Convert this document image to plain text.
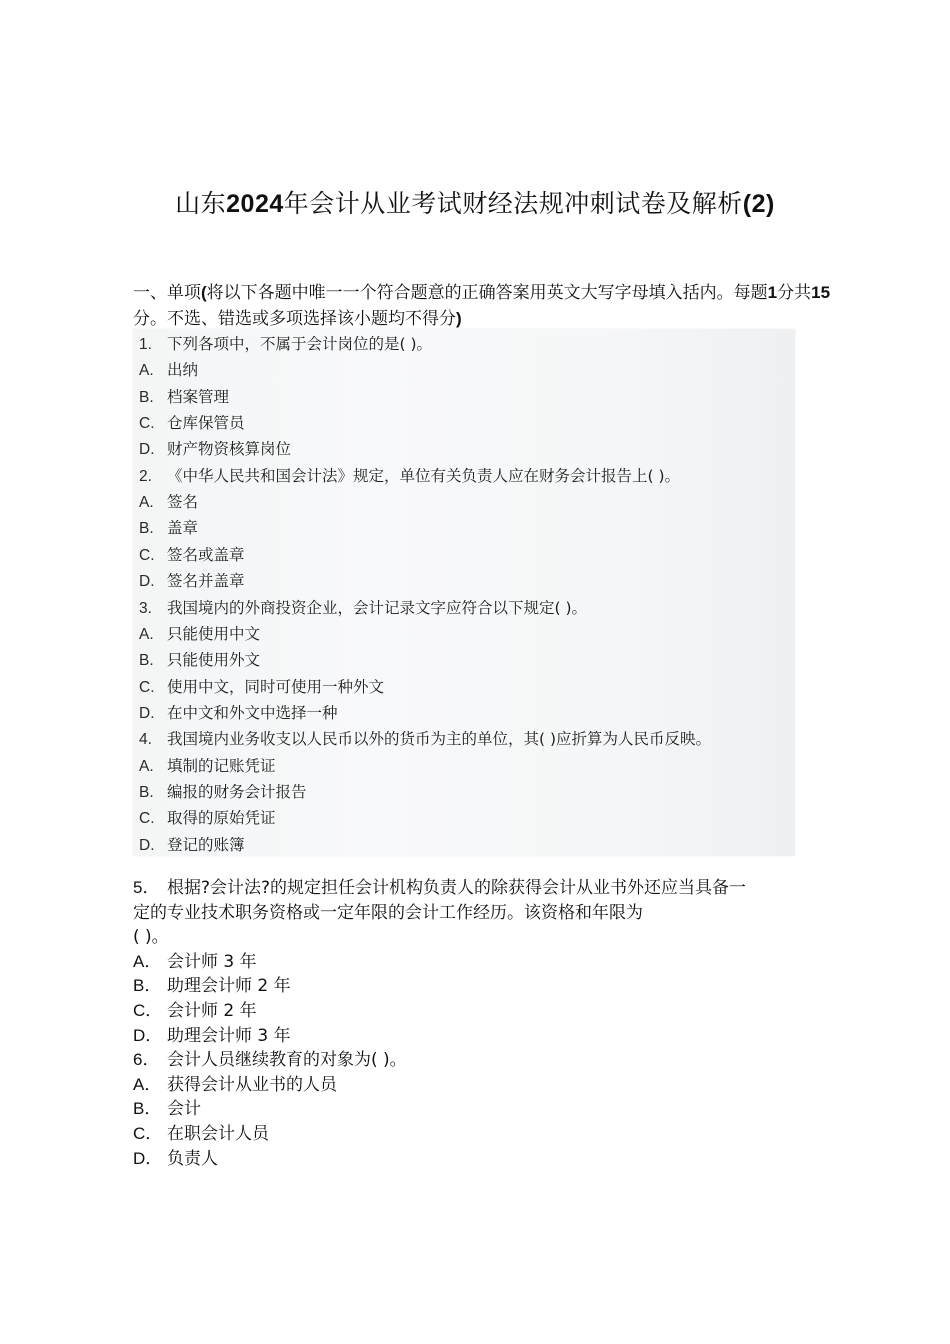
山东2024年会计从业考试财经法规冲刺试卷及解析(2)
一、单项(将以下各题中唯一一个符合题意的正确答案用英文大写字母填入括内。每题1分共15分。不选、错选或多项选择该小题均不得分)
1. 下列各项中，不属于会计岗位的是( )。
A. 出纳
B. 档案管理
C. 仓库保管员
D. 财产物资核算岗位
2. 《中华人民共和国会计法》规定，单位有关负责人应在财务会计报告上( )。
A. 签名
B. 盖章
C. 签名或盖章
D. 签名并盖章
3. 我国境内的外商投资企业，会计记录文字应符合以下规定( )。
A. 只能使用中文
B. 只能使用外文
C. 使用中文，同时可使用一种外文
D. 在中文和外文中选择一种
4. 我国境内业务收支以人民币以外的货币为主的单位，其( )应折算为人民币反映。
A. 填制的记账凭证
B. 编报的财务会计报告
C. 取得的原始凭证
D. 登记的账簿
5． 根据?会计法?的规定担任会计机构负责人的除获得会计从业书外还应当具备一
定的专业技术职务资格或一定年限的会计工作经历。该资格和年限为
( )。
A． 会计师 3 年
B． 助理会计师 2 年
C． 会计师 2 年
D． 助理会计师 3 年
6． 会计人员继续教育的对象为( )。
A． 获得会计从业书的人员
B． 会计
C． 在职会计人员
D． 负责人
